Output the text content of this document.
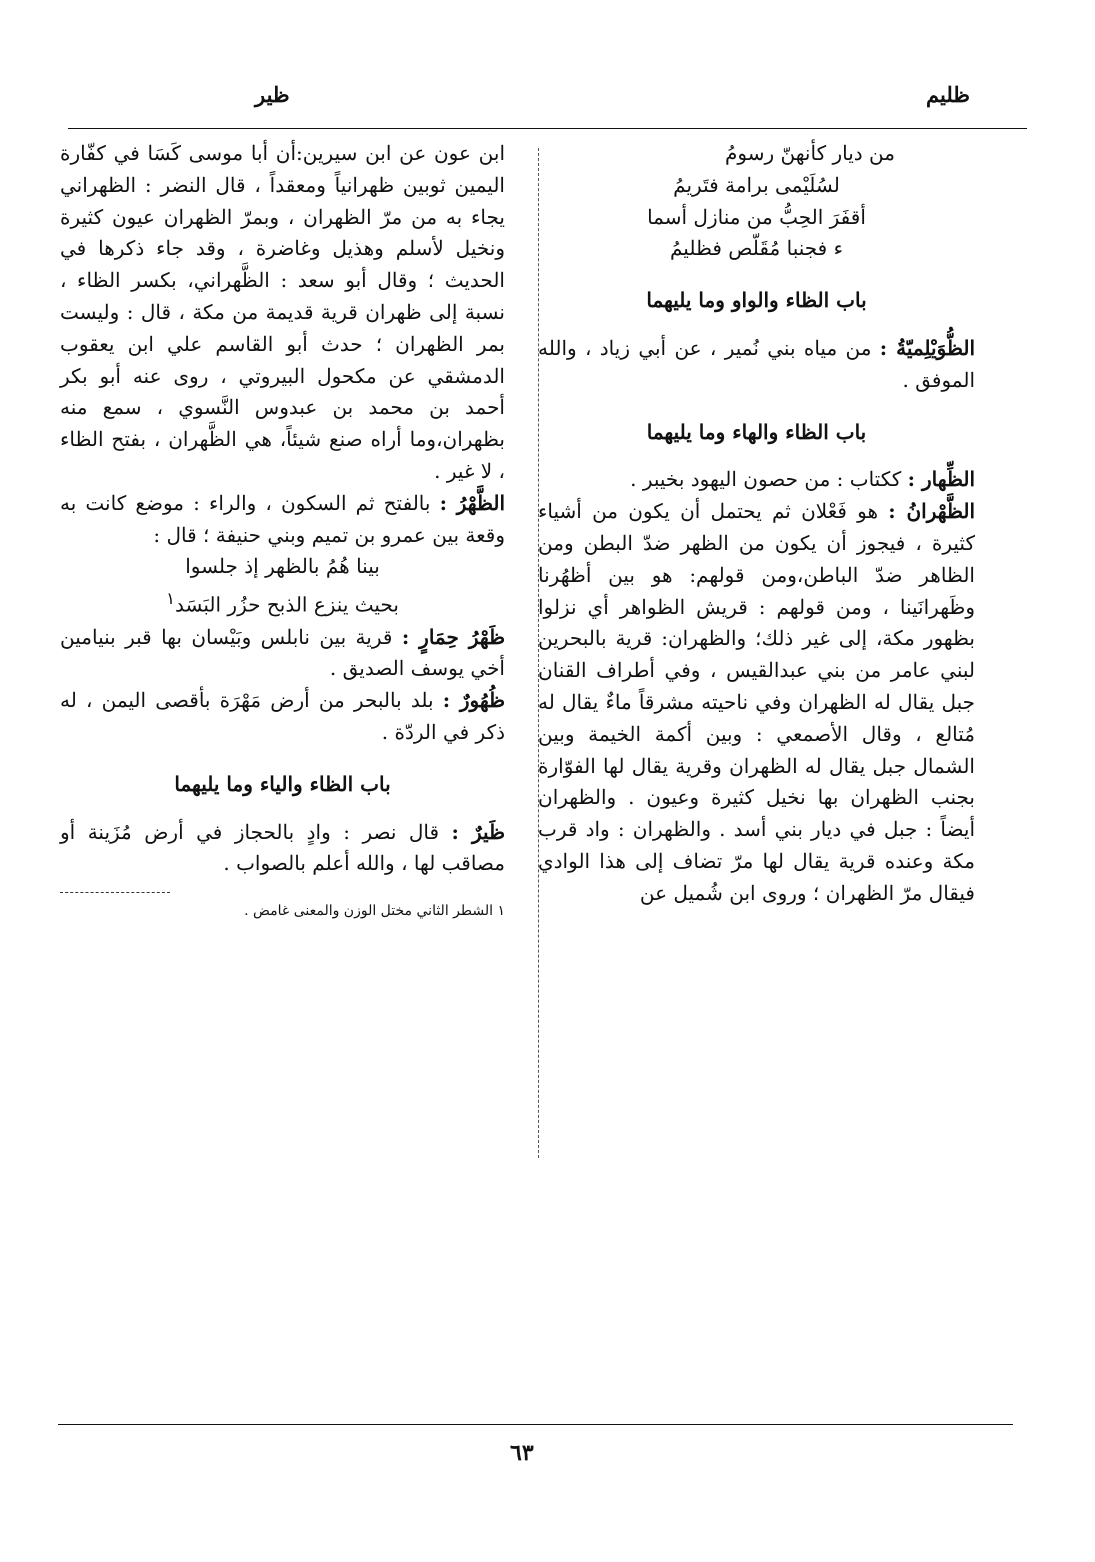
ظليم
ظير

من ديار كأنهنّ رسومُ

لسُلَيْمى برامة فتَريمُ

أقفَرَ الحِبُّ من منازل أسما

ء فجنبا مُقَلّص فظليمُ

باب الظاء والواو وما يليهما

الظُّوَيْلِميّةُ : من مياه بني نُمير ، عن أبي زياد ، والله الموفق .

باب الظاء والهاء وما يليهما

الظِّهار : ككتاب : من حصون اليهود بخيبر .

الظَّهْرانُ : هو فَعْلان ثم يحتمل أن يكون من أشياء كثيرة ، فيجوز أن يكون من الظهر ضدّ البطن ومن الظاهر ضدّ الباطن،ومن قولهم: هو بين أظهُرنا وظَهرانَينا ، ومن قولهم : قريش الظواهر أي نزلوا بظهور مكة، إلى غير ذلك؛ والظهران: قرية بالبحرين لبني عامر من بني عبدالقيس ، وفي أطراف القنان جبل يقال له الظهران وفي ناحيته مشرقاً ماءٌ يقال له مُتالع ، وقال الأصمعي : وبين أكمة الخيمة وبين الشمال جبل يقال له الظهران وقرية يقال لها الفوّارة بجنب الظهران بها نخيل كثيرة وعيون . والظهران أيضاً : جبل في ديار بني أسد . والظهران : واد قرب مكة وعنده قرية يقال لها مرّ تضاف إلى هذا الوادي فيقال مرّ الظهران ؛ وروى ابن شُميل عن

ابن عون عن ابن سيرين:أن أبا موسى كَسَا في كفّارة اليمين ثوبين ظهرانياً ومعقداً ، قال النضر : الظهراني يجاء به من مرّ الظهران ، وبمرّ الظهران عيون كثيرة ونخيل لأسلم وهذيل وغاضرة ، وقد جاء ذكرها في الحديث ؛ وقال أبو سعد : الظَّهراني، بكسر الظاء ، نسبة إلى ظهران قرية قديمة من مكة ، قال : وليست بمر الظهران ؛ حدث أبو القاسم علي ابن يعقوب الدمشقي عن مكحول البيروتي ، روى عنه أبو بكر أحمد بن محمد بن عبدوس النَّسوي ، سمع منه بظهران،وما أراه صنع شيئاً، هي الظَّهران ، بفتح الظاء ، لا غير .

الظَّهْرُ : بالفتح ثم السكون ، والراء : موضع كانت به وقعة بين عمرو بن تميم وبني حنيفة ؛ قال :

بينا هُمُ بالظهر إذ جلسوا

بحيث ينزع الذبح حزُر البَسَد$^١$

ظَهْرُ حِمَارٍ : قرية بين نابلس وبَيْسان بها قبر بنيامين أخي يوسف الصديق .

ظُهُورٌ : بلد بالبحر من أرض مَهْرَة بأقصى اليمن ، له ذكر في الردّة .

باب الظاء والياء وما يليهما

ظَيرٌ : قال نصر : وادٍ بالحجاز في أرض مُزَينة أو مصاقب لها ، والله أعلم بالصواب .

١ الشطر الثاني مختل الوزن والمعنى غامض .

٦٣
